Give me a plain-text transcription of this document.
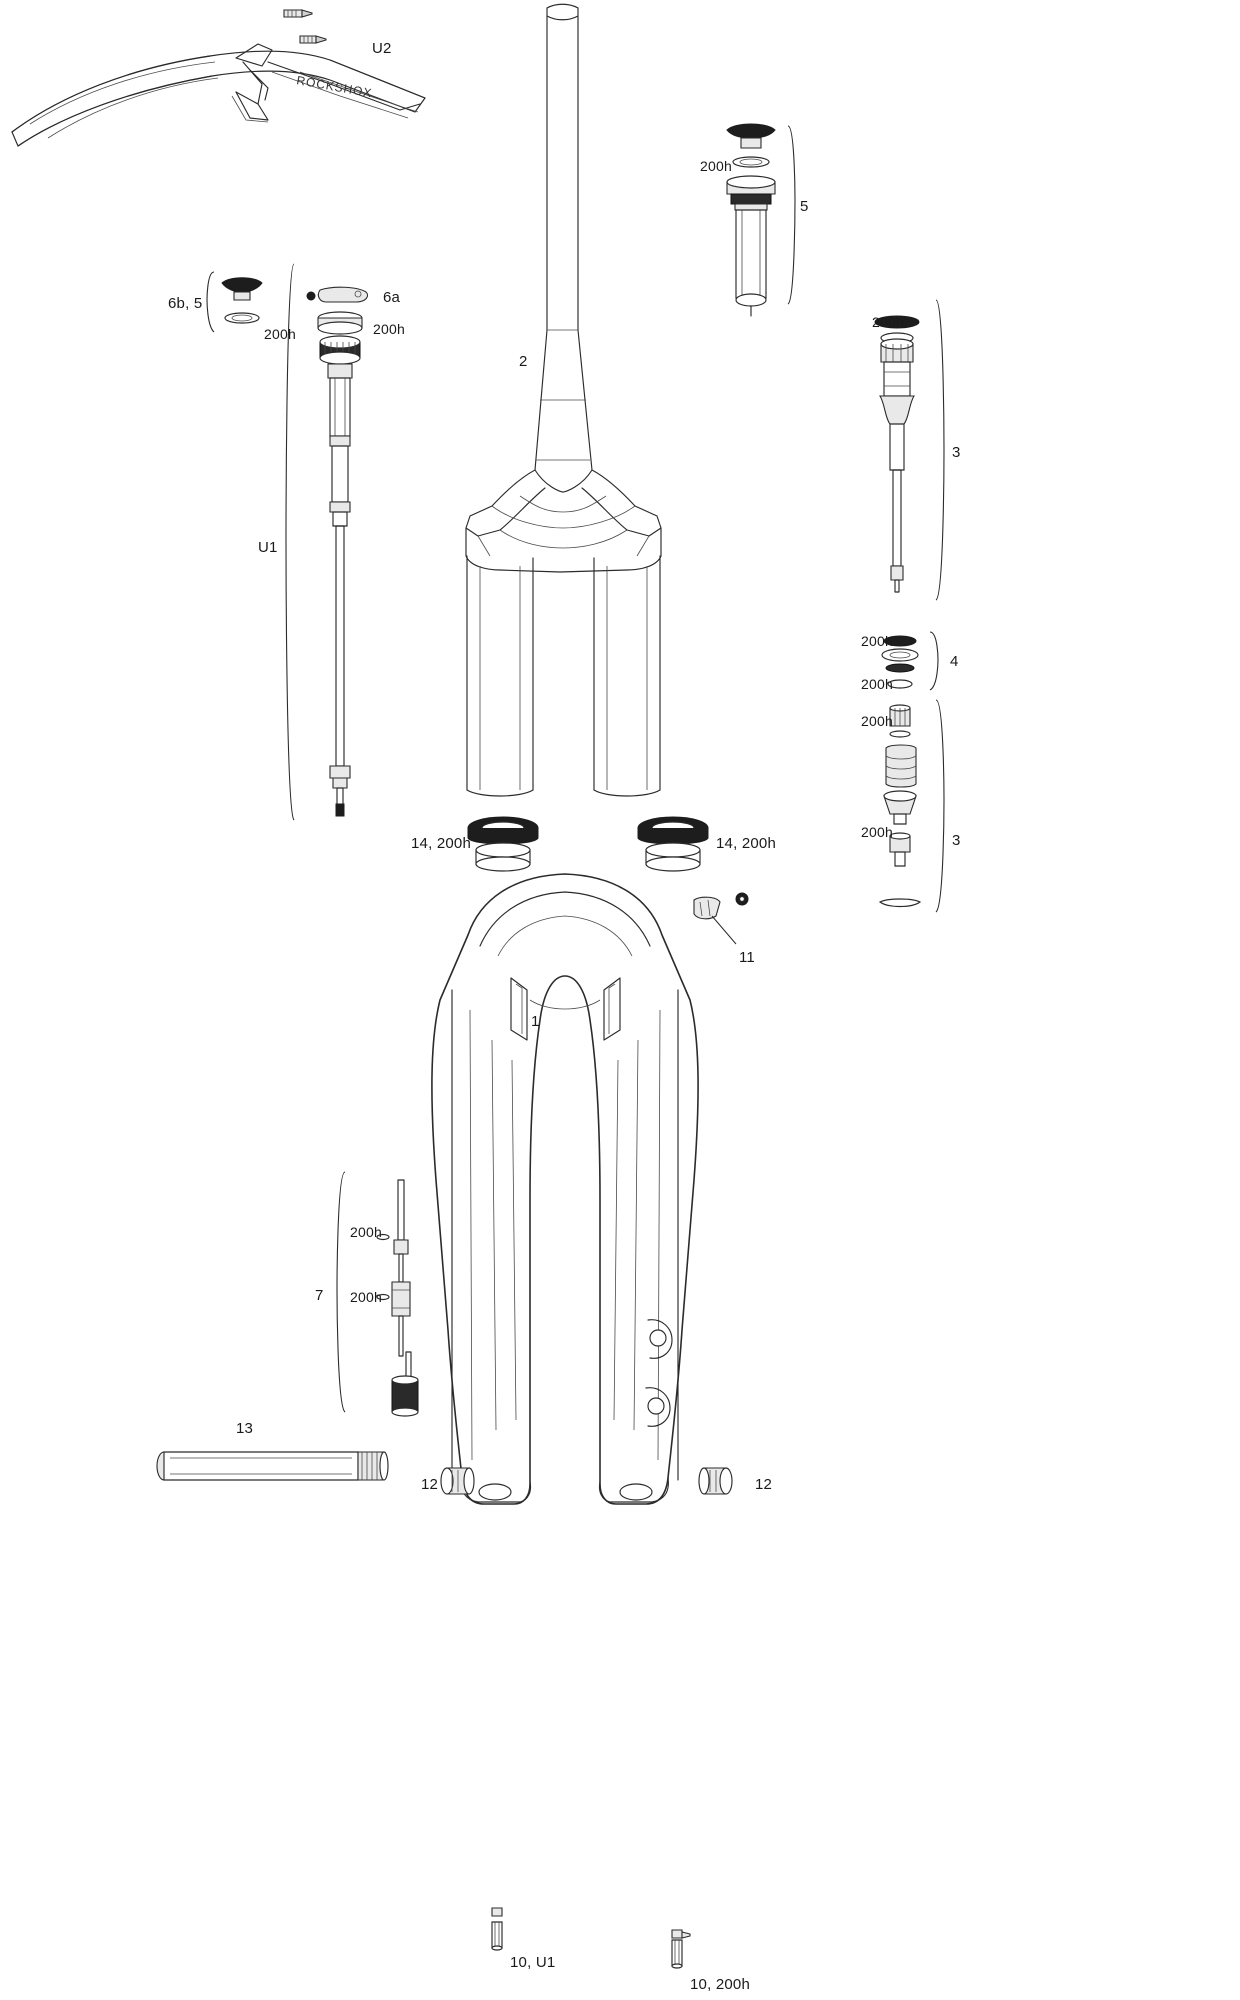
ROCKSHOX
U2
5
200h
2
6b, 5
200h
6a
200h
U1
200h
3
200h
4
200h
200h
200h	3
14, 200h	14, 200h
11
1
7
200h
200h
13
12	12
10, U1
10, 200h
